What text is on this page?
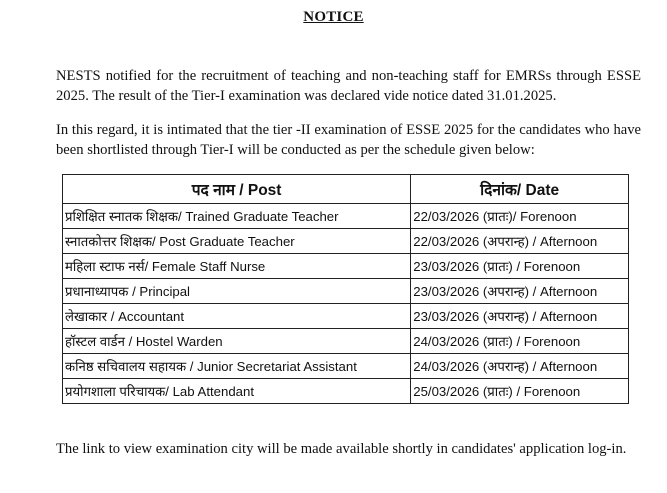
NOTICE

NESTS notified for the recruitment of teaching and non-teaching staff for EMRSs through ESSE 2025. The result of the Tier-I examination was declared vide notice dated 31.01.2025.

In this regard, it is intimated that the tier -II examination of ESSE 2025 for the candidates who have been shortlisted through Tier-I will be conducted as per the schedule given below:

पद नाम / Post	दिनांक/ Date
प्रशिक्षित स्नातक शिक्षक/ Trained Graduate Teacher	22/03/2026 (प्रातः)/ Forenoon
स्नातकोत्तर शिक्षक/ Post Graduate Teacher	22/03/2026 (अपरान्ह) / Afternoon
महिला स्टाफ नर्स/ Female Staff Nurse	23/03/2026 (प्रातः) / Forenoon
प्रधानाध्यापक / Principal	23/03/2026 (अपरान्ह) / Afternoon
लेखाकार / Accountant	23/03/2026 (अपरान्ह) / Afternoon
हॉस्टल वार्डन / Hostel Warden	24/03/2026 (प्रातः) / Forenoon
कनिष्ठ सचिवालय सहायक / Junior Secretariat Assistant	24/03/2026 (अपरान्ह) / Afternoon
प्रयोगशाला परिचायक/ Lab Attendant	25/03/2026 (प्रातः) / Forenoon

The link to view examination city will be made available shortly in candidates' application log-in.
